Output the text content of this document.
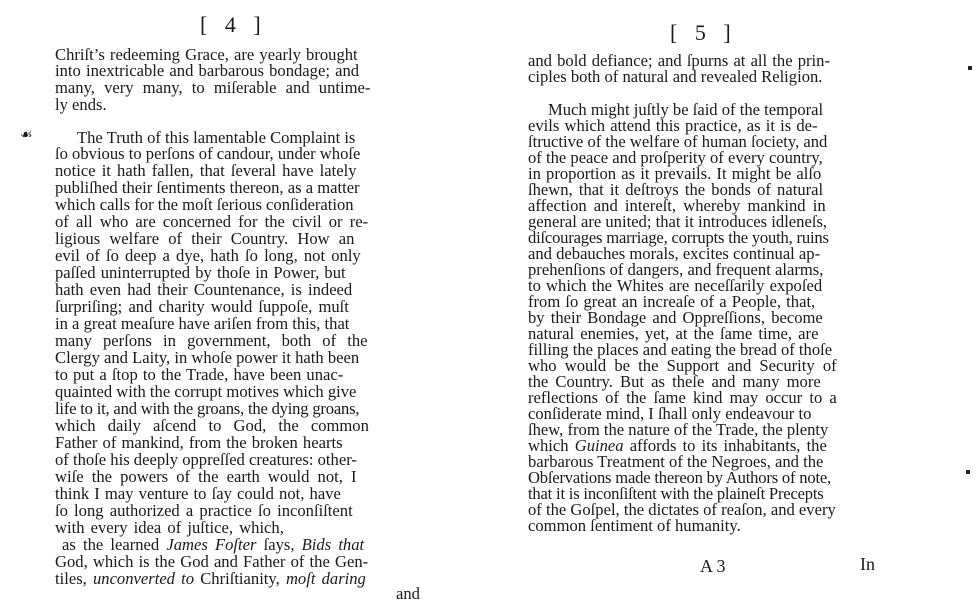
[ 4 ]
Chriſt’s redeeming Grace, are yearly brought
into inextricable and barbarous bondage; and
many, very many, to miſerable and untime-
ly ends.
☙	The Truth of this lamentable Complaint is
ſo obvious to perſons of candour, under whoſe
notice it hath fallen, that ſeveral have lately
publiſhed their ſentiments thereon, as a matter
which calls for the moſt ſerious conſideration
of all who are concerned for the civil or re-
ligious welfare of their Country. How an
evil of ſo deep a dye, hath ſo long, not only
paſſed uninterrupted by thoſe in Power, but
hath even had their Countenance, is indeed
ſurpriſing; and charity would ſuppoſe, muſt
in a great meaſure have ariſen from this, that
many perſons in government, both of the
Clergy and Laity, in whoſe power it hath been
to put a ſtop to the Trade, have been unac-
quainted with the corrupt motives which give
life to it, and with the groans, the dying groans,
which daily aſcend to God, the common
Father of mankind, from the broken hearts
of thoſe his deeply oppreſſed creatures: other-
wiſe the powers of the earth would not, I
think I may venture to ſay could not, have
ſo long authorized a practice ſo inconſiſtent
with every idea of juſtice, which,
as the learned James Foſter ſays, Bids that
God, which is the God and Father of the Gen-
tiles, unconverted to Chriſtianity, moſt daring
and
[ 5 ]
and bold defiance; and ſpurns at all the prin-
ciples both of natural and revealed Religion.
Much might juſtly be ſaid of the temporal
evils which attend this practice, as it is de-
ſtructive of the welfare of human ſociety, and
of the peace and proſperity of every country,
in proportion as it prevails. It might be alſo
ſhewn, that it deſtroys the bonds of natural
affection and intereſt, whereby mankind in
general are united; that it introduces idleneſs,
diſcourages marriage, corrupts the youth, ruins
and debauches morals, excites continual ap-
prehenſions of dangers, and frequent alarms,
to which the Whites are neceſſarily expoſed
from ſo great an increaſe of a People, that,
by their Bondage and Oppreſſions, become
natural enemies, yet, at the ſame time, are
filling the places and eating the bread of thoſe
who would be the Support and Security of
the Country. But as theſe and many more
reflections of the ſame kind may occur to a
conſiderate mind, I ſhall only endeavour to
ſhew, from the nature of the Trade, the plenty
which Guinea affords to its inhabitants, the
barbarous Treatment of the Negroes, and the
Obſervations made thereon by Authors of note,
that it is inconſiſtent with the plaineſt Precepts
of the Goſpel, the dictates of reaſon, and every
common ſentiment of humanity.
A 3	In
